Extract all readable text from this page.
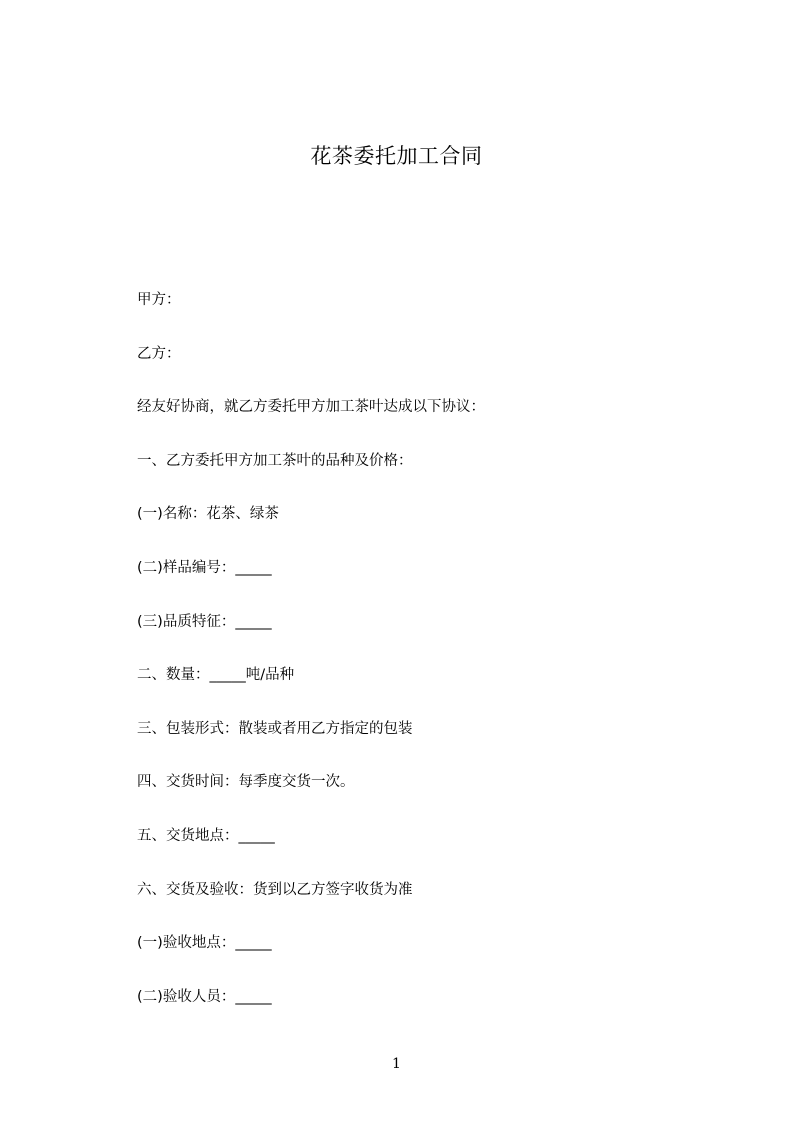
花茶委托加工合同
甲方：
乙方：
经友好协商，就乙方委托甲方加工茶叶达成以下协议：
一、乙方委托甲方加工茶叶的品种及价格：
(一)名称：花茶、绿茶
(二)样品编号：_____
(三)品质特征：_____
二、数量：_____吨/品种
三、包装形式：散装或者用乙方指定的包装
四、交货时间：每季度交货一次。
五、交货地点：_____
六、交货及验收：货到以乙方签字收货为准
(一)验收地点：_____
(二)验收人员：_____
1
